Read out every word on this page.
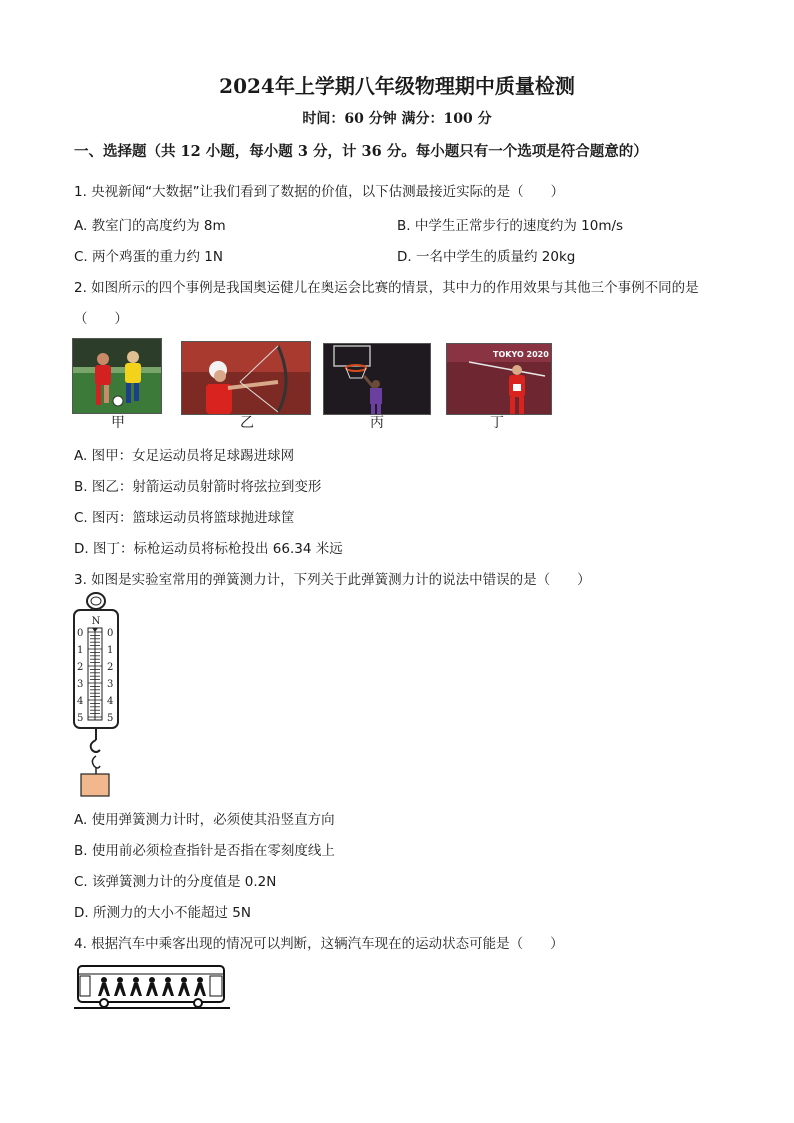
2024年上学期八年级物理期中质量检测
时间：60 分钟 满分：100 分
一、选择题（共 12 小题，每小题 3 分，计 36 分。每小题只有一个选项是符合题意的）
1. 央视新闻“大数据”让我们看到了数据的价值，以下估测最接近实际的是（　　）
A. 教室门的高度约为 8m	B. 中学生正常步行的速度约为 10m/s
C. 两个鸡蛋的重力约 1N	D. 一名中学生的质量约 20kg
2. 如图所示的四个事例是我国奥运健儿在奥运会比赛的情景，其中力的作用效果与其他三个事例不同的是
（　　）
甲	乙	丙
TOKYO 2020
丁
A. 图甲：女足运动员将足球踢进球网
B. 图乙：射箭运动员射箭时将弦拉到变形
C. 图丙：篮球运动员将篮球抛进球筐
D. 图丁：标枪运动员将标枪投出 66.34 米远
3. 如图是实验室常用的弹簧测力计，下列关于此弹簧测力计的说法中错误的是（　　）
N
0
1
2
3
4
5
0
1
2
3
4
5
A. 使用弹簧测力计时，必须使其沿竖直方向
B. 使用前必须检查指针是否指在零刻度线上
C. 该弹簧测力计的分度值是 0.2N
D. 所测力的大小不能超过 5N
4. 根据汽车中乘客出现的情况可以判断，这辆汽车现在的运动状态可能是（　　）
